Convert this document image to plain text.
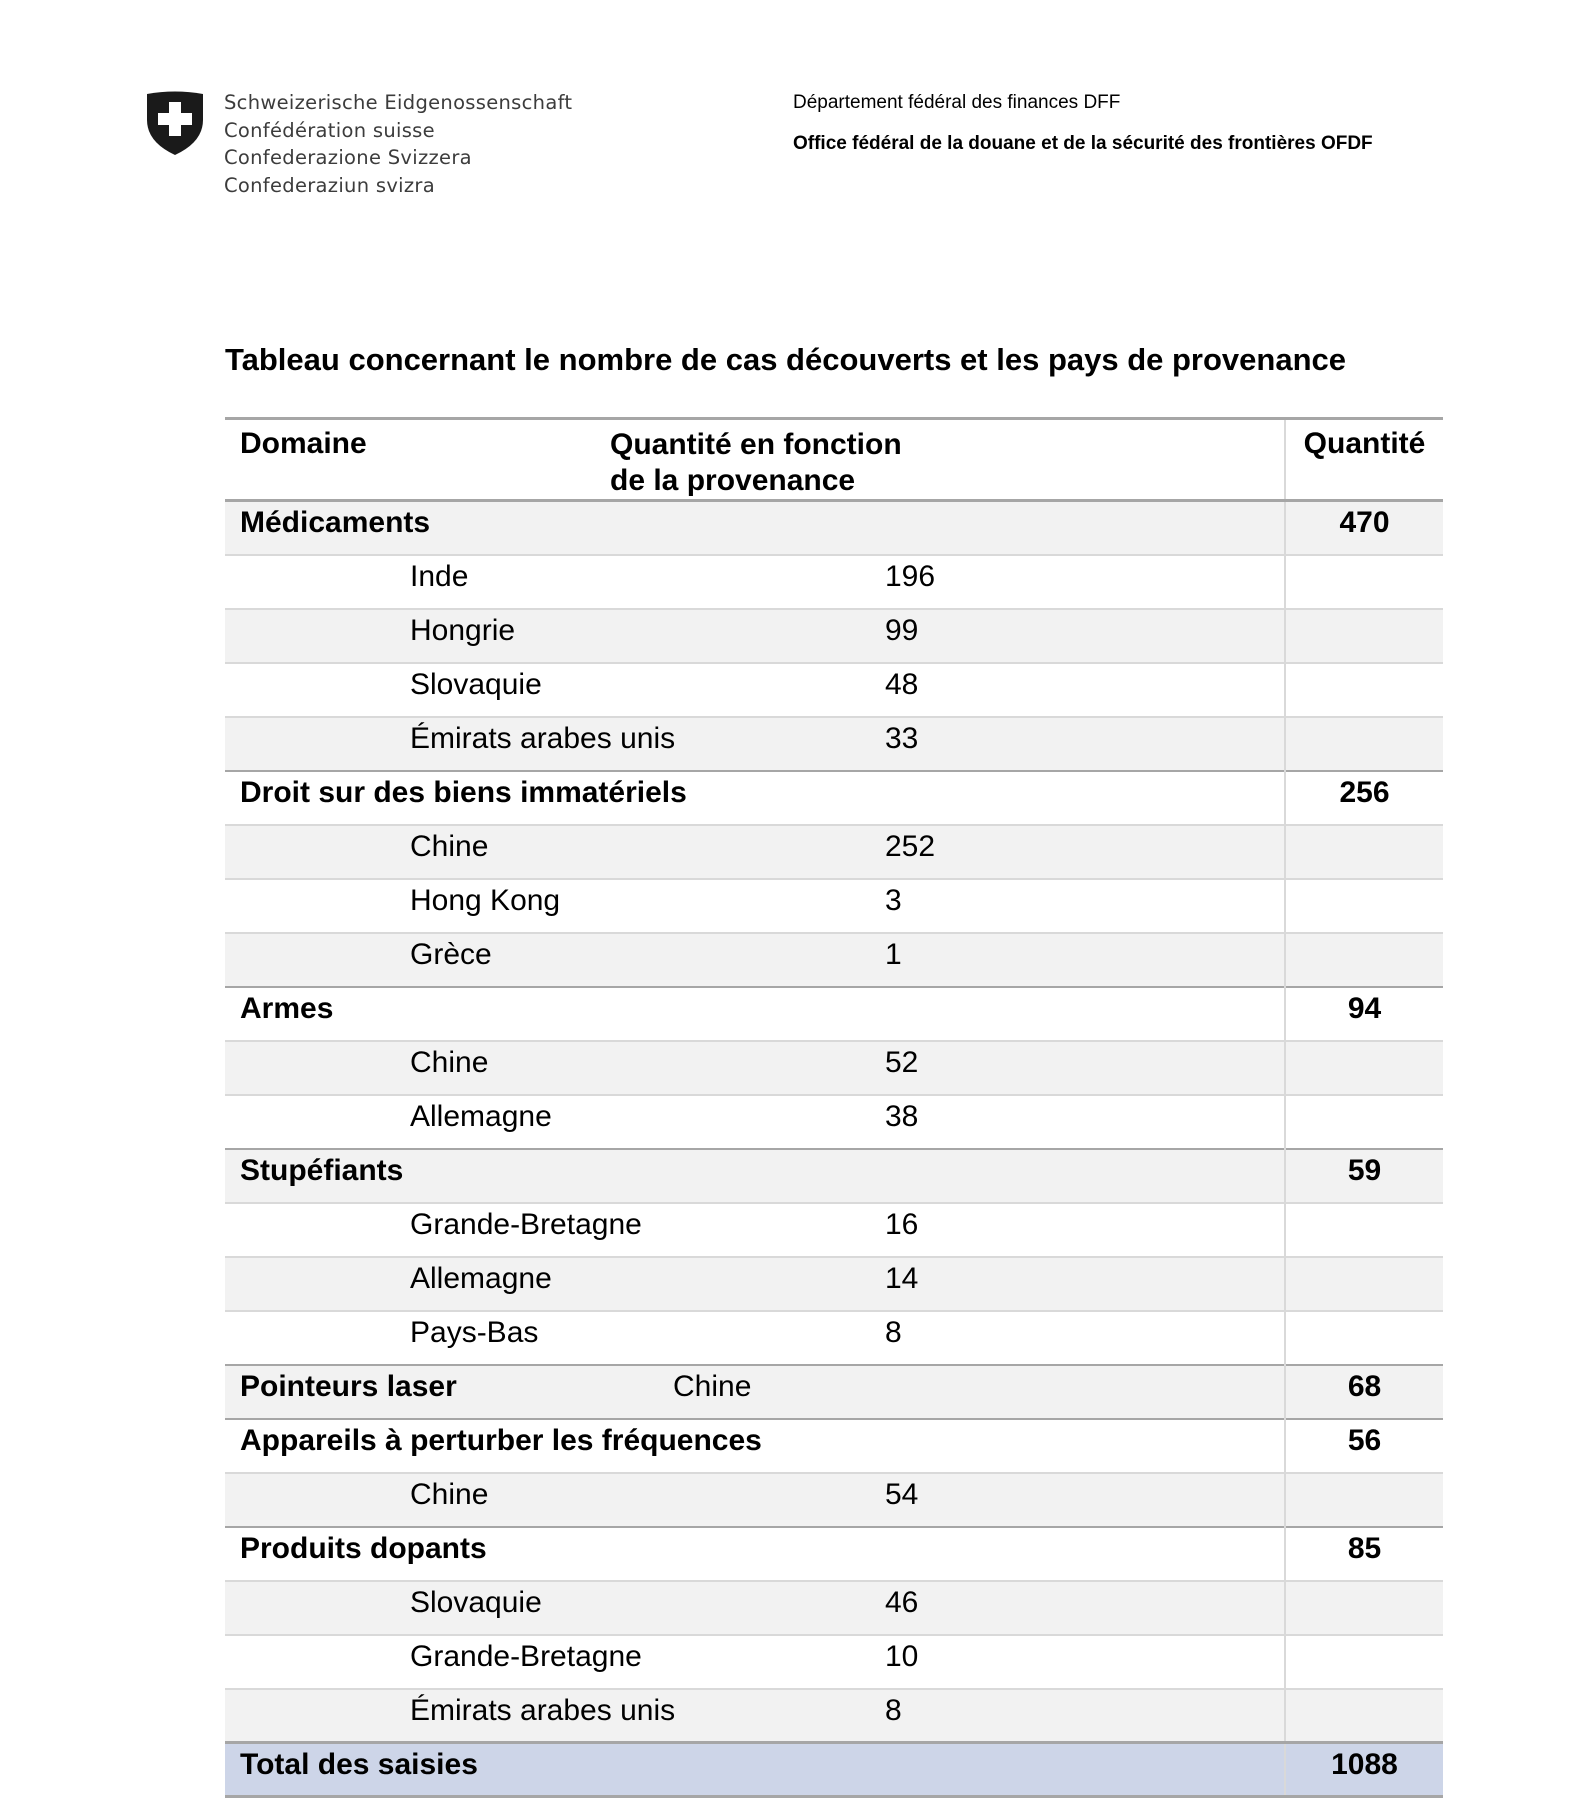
Schweizerische Eidgenossenschaft
Confédération suisse
Confederazione Svizzera
Confederaziun svizra
Département fédéral des finances DFF
Office fédéral de la douane et de la sécurité des frontières OFDF
Tableau concernant le nombre de cas découverts et les pays de provenance
Domaine	Quantité en fonction de la provenance	Quantité
Médicaments		470
Inde 196		
Hongrie 99		
Slovaquie 48		
Émirats arabes unis 33		
Droit sur des biens immatériels		256
Chine 252		
Hong Kong 3		
Grèce 1		
Armes		94
Chine 52		
Allemagne 38		
Stupéfiants		59
Grande-Bretagne 16		
Allemagne 14		
Pays-Bas 8		
Pointeurs laser	Chine	68
Appareils à perturber les fréquences		56
Chine 54		
Produits dopants		85
Slovaquie 46		
Grande-Bretagne 10		
Émirats arabes unis 8		
Total des saisies		1088
